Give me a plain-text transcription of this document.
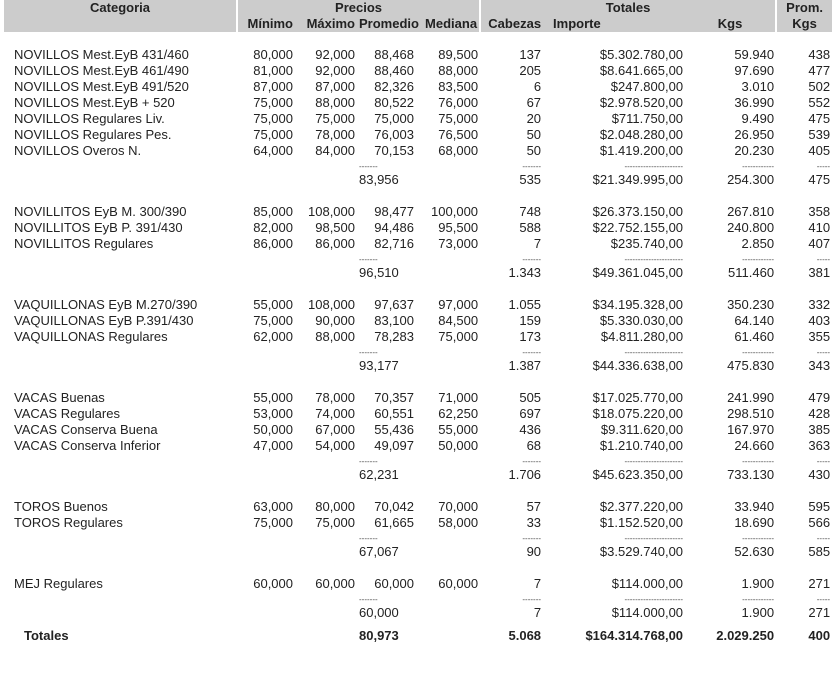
Categoria	Precios				Totales			Prom.
	Mínimo	Máximo	Promedio	Mediana	Cabezas	Importe	Kgs	Kgs

NOVILLOS Mest.EyB 431/460	80,000	92,000	88,468	89,500	137	$5.302.780,00	59.940	438
NOVILLOS Mest.EyB 461/490	81,000	92,000	88,460	88,000	205	$8.641.665,00	97.690	477
NOVILLOS Mest.EyB 491/520	87,000	87,000	82,326	83,500	6	$247.800,00	3.010	502
NOVILLOS Mest.EyB + 520	75,000	88,000	80,522	76,000	67	$2.978.520,00	36.990	552
NOVILLOS Regulares Liv.	75,000	75,000	75,000	75,000	20	$711.750,00	9.490	475
NOVILLOS Regulares Pes.	75,000	78,000	76,003	76,500	50	$2.048.280,00	26.950	539
NOVILLOS Overos N.	64,000	84,000	70,153	68,000	50	$1.419.200,00	20.230	405
			-------		-------	----------------------	------------	-----
			83,956		535	$21.349.995,00	254.300	475

NOVILLITOS EyB M. 300/390	85,000	108,000	98,477	100,000	748	$26.373.150,00	267.810	358
NOVILLITOS EyB P. 391/430	82,000	98,500	94,486	95,500	588	$22.752.155,00	240.800	410
NOVILLITOS Regulares	86,000	86,000	82,716	73,000	7	$235.740,00	2.850	407
			-------		-------	----------------------	------------	-----
			96,510		1.343	$49.361.045,00	511.460	381

VAQUILLONAS EyB M.270/390	55,000	108,000	97,637	97,000	1.055	$34.195.328,00	350.230	332
VAQUILLONAS EyB P.391/430	75,000	90,000	83,100	84,500	159	$5.330.030,00	64.140	403
VAQUILLONAS Regulares	62,000	88,000	78,283	75,000	173	$4.811.280,00	61.460	355
			-------		-------	----------------------	------------	-----
			93,177		1.387	$44.336.638,00	475.830	343

VACAS Buenas	55,000	78,000	70,357	71,000	505	$17.025.770,00	241.990	479
VACAS Regulares	53,000	74,000	60,551	62,250	697	$18.075.220,00	298.510	428
VACAS Conserva Buena	50,000	67,000	55,436	55,000	436	$9.311.620,00	167.970	385
VACAS Conserva Inferior	47,000	54,000	49,097	50,000	68	$1.210.740,00	24.660	363
			-------		-------	----------------------	------------	-----
			62,231		1.706	$45.623.350,00	733.130	430

TOROS Buenos	63,000	80,000	70,042	70,000	57	$2.377.220,00	33.940	595
TOROS Regulares	75,000	75,000	61,665	58,000	33	$1.152.520,00	18.690	566
			-------		-------	----------------------	------------	-----
			67,067		90	$3.529.740,00	52.630	585

MEJ Regulares	60,000	60,000	60,000	60,000	7	$114.000,00	1.900	271
			-------		-------	----------------------	------------	-----
			60,000		7	$114.000,00	1.900	271
Totales			80,973		5.068	$164.314.768,00	2.029.250	400
